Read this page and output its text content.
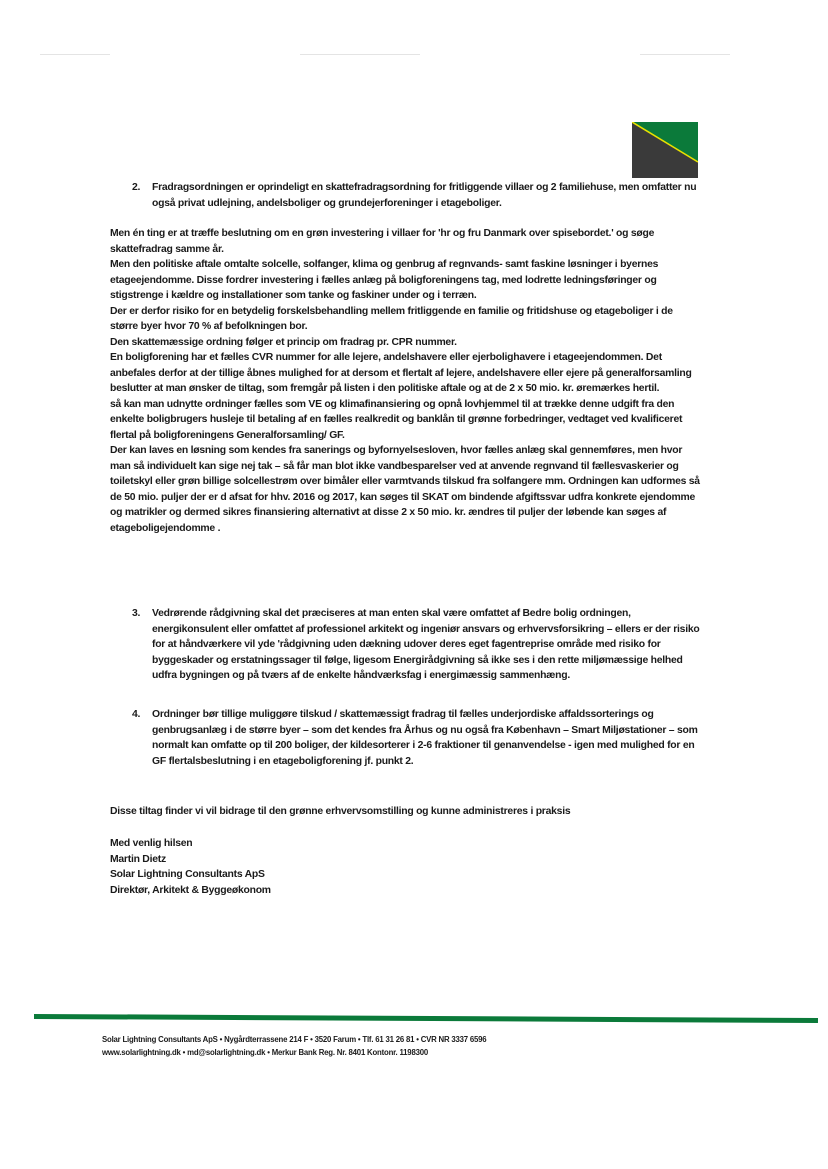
2. Fradragsordningen er oprindeligt en skattefradragsordning for fritliggende villaer og 2 familiehuse, men omfatter nu også privat udlejning, andelsboliger og grundejerforeninger i etageboliger.

Men én ting er at træffe beslutning om en grøn investering i villaer for 'hr og fru Danmark over spisebordet.' og søge skattefradrag samme år.

Men den politiske aftale omtalte solcelle, solfanger, klima og genbrug af regnvands- samt faskine løsninger i byernes etageejendomme. Disse fordrer investering i fælles anlæg på boligforeningens tag, med lodrette ledningsføringer og stigstrenge i kældre og installationer som tanke og faskiner under og i terræn.

Der er derfor risiko for en betydelig forskelsbehandling mellem fritliggende en familie og fritidshuse og etageboliger i de større byer hvor 70 % af befolkningen bor.

Den skattemæssige ordning følger et princip om fradrag pr. CPR nummer.

En boligforening har et fælles CVR nummer for alle lejere, andelshavere eller ejerbolighavere i etageejendommen. Det anbefales derfor at der tillige åbnes mulighed for at dersom et flertalt af lejere, andelshavere eller ejere på generalforsamling beslutter at man ønsker de tiltag, som fremgår på listen i den politiske aftale og at de 2 x 50 mio. kr. øremærkes hertil.

så kan man udnytte ordninger fælles som VE og klimafinansiering og opnå lovhjemmel til at trække denne udgift fra den enkelte boligbrugers husleje til betaling af en fælles realkredit og banklån til grønne forbedringer, vedtaget ved kvalificeret flertal på boligforeningens Generalforsamling/ GF.

Der kan laves en løsning som kendes fra sanerings og byfornyelsesloven, hvor fælles anlæg skal gennemføres, men hvor man så individuelt kan sige nej tak – så får man blot ikke vandbesparelser ved at anvende regnvand til fællesvaskerier og toiletskyl eller grøn billige solcellestrøm over bimåler eller varmtvands tilskud fra solfangere mm. Ordningen kan udformes så de 50 mio. puljer der er d afsat for hhv. 2016 og 2017, kan søges til SKAT om bindende afgiftssvar udfra konkrete ejendomme og matrikler og dermed sikres finansiering alternativt at disse 2 x 50 mio. kr. ændres til puljer der løbende kan søges af etageboligejendomme .

3. Vedrørende rådgivning skal det præciseres at man enten skal være omfattet af Bedre bolig ordningen, energikonsulent eller omfattet af professionel arkitekt og ingeniør ansvars og erhvervsforsikring – ellers er der risiko for at håndværkere vil yde 'rådgivning uden dækning udover deres eget fagentreprise område med risiko for byggeskader og erstatningssager til følge, ligesom Energirådgivning så ikke ses i den rette miljømæssige helhed udfra bygningen og på tværs af de enkelte håndværksfag i energimæssig sammenhæng.
4. Ordninger bør tillige muliggøre tilskud / skattemæssigt fradrag til fælles underjordiske affaldssorterings og genbrugsanlæg i de større byer – som det kendes fra Århus og nu også fra København – Smart Miljøstationer – som normalt kan omfatte op til 200 boliger, der kildesorterer i 2-6 fraktioner til genanvendelse - igen med mulighed for en GF flertalsbeslutning i en etageboligforening jf. punkt 2.

Disse tiltag finder vi vil bidrage til den grønne erhvervsomstilling og kunne administreres i praksis

Med venlig hilsen

Martin Dietz

Solar Lightning Consultants ApS

Direktør, Arkitekt & Byggeøkonom

Solar Lightning Consultants ApS • Nygårdterrassene 214 F • 3520 Farum • Tlf. 61 31 26 81 • CVR NR 3337 6596

www.solarlightning.dk • md@solarlightning.dk • Merkur Bank Reg. Nr. 8401 Kontonr. 1198300
